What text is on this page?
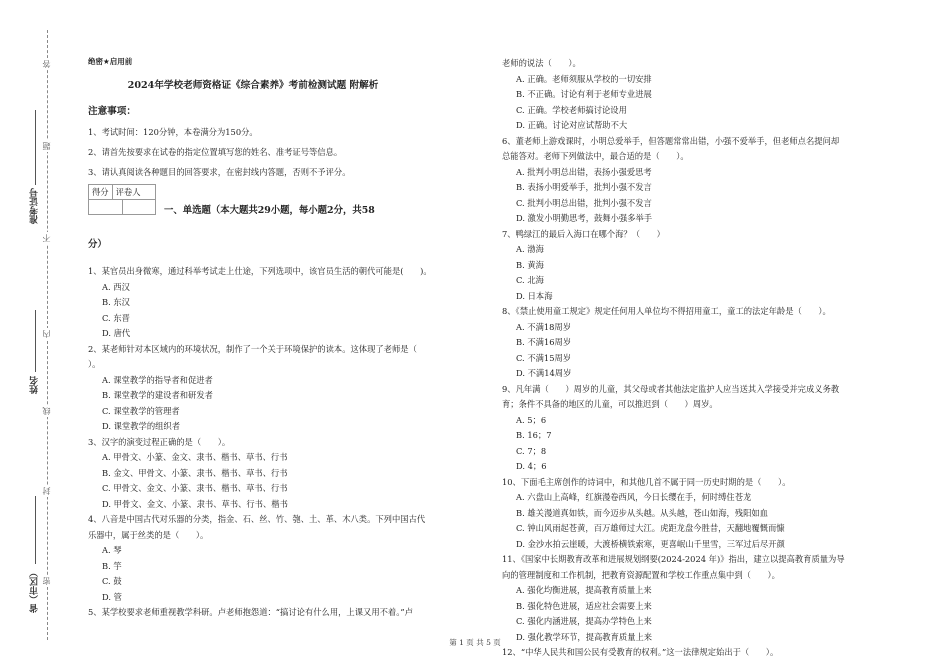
答
题
不
内
线
封
密
准考证号
姓名
省（市区）
绝密★启用前
2024年学校老师资格证《综合素养》考前检测试题 附解析
注意事项：
1、考试时间：120分钟，本卷满分为150分。
2、请首先按要求在试卷的指定位置填写您的姓名、准考证号等信息。
3、请认真阅读各种题目的回答要求，在密封线内答题，否则不予评分。
得分 评卷人
一、单选题（本大题共29小题，每小题2分，共58
分）
1、某官员出身微寒，通过科举考试走上仕途，下列选项中，该官员生活的朝代可能是(　　)。
A. 西汉
B. 东汉
C. 东晋
D. 唐代
2、某老师针对本区域内的环境状况，制作了一个关于环境保护的读本。这体现了老师是（
）。
A. 课堂教学的指导者和促进者
B. 课堂教学的建设者和研发者
C. 课堂教学的管理者
D. 课堂教学的组织者
3、汉字的演变过程正确的是（　　）。
A. 甲骨文、小篆、金文、隶书、楷书、草书、行书
B. 金文、甲骨文、小篆、隶书、楷书、草书、行书
C. 甲骨文、金文、小篆、隶书、楷书、草书、行书
D. 甲骨文、金文、小篆、隶书、草书、行书、楷书
4、八音是中国古代对乐器的分类，指金、石、丝、竹、匏、土、革、木八类。下列中国古代
乐器中，属于丝类的是（　　）。
A. 琴
B. 竽
C. 鼓
D. 管
5、某学校要求老师重视教学科研。卢老师抱怨道：“搞讨论有什么用，上课又用不着。”卢
老师的说法（　　）。
A. 正确。老师须服从学校的一切安排
B. 不正确。讨论有利于老师专业进展
C. 正确。学校老师搞讨论设用
D. 正确。讨论对应试帮助不大
6、董老师上游戏课时，小明总爱举手，但答题常常出错，小强不爱举手，但老师点名提问却
总能答对。老师下列做法中，最合适的是（　　）。
A. 批判小明总出错，表扬小强爱思考
B. 表扬小明爱举手，批判小强不发言
C. 批判小明总出错，批判小强不发言
D. 激发小明勤思考，鼓舞小强多举手
7、鸭绿江的最后入海口在哪个海？（　　）
A. 渤海
B. 黄海
C. 北海
D. 日本海
8、《禁止使用童工规定》规定任何用人单位均不得招用童工，童工的法定年龄是（　　）。
A. 不满18周岁
B. 不满16周岁
C. 不满15周岁
D. 不满14周岁
9、凡年满（　　）周岁的儿童，其父母或者其他法定监护人应当送其入学接受并完成义务教
育；条件不具备的地区的儿童，可以推迟到（　　）周岁。
A. 5；6
B. 16；7
C. 7；8
D. 4；6
10、下面毛主席创作的诗词中，和其他几首不属于同一历史时期的是（　　）。
A. 六盘山上高峰，红旗漫卷西风，今日长缨在手，何时缚住苍龙
B. 雄关漫道真如铁，而今迈步从头越。从头越，苍山如海，残阳如血
C. 钟山风雨起苍黄，百万雄师过大江。虎距龙盘今胜昔，天翻地覆慨而慷
D. 金沙水拍云崖暖，大渡桥横铁索寒，更喜岷山千里雪，三军过后尽开颜
11、《国家中长期教育改革和进展规划纲要(2024-2024 年)》指出，建立以提高教育质量为导
向的管理制度和工作机制，把教育资源配置和学校工作重点集中到（　　）。
A. 强化均衡进展，提高教育质量上来
B. 强化特色进展，适应社会需要上来
C. 强化内涵进展，提高办学特色上来
D. 强化教学环节，提高教育质量上来
12、“中华人民共和国公民有受教育的权利。”这一法律规定始出于（　　）。
第 1 页 共 5 页
